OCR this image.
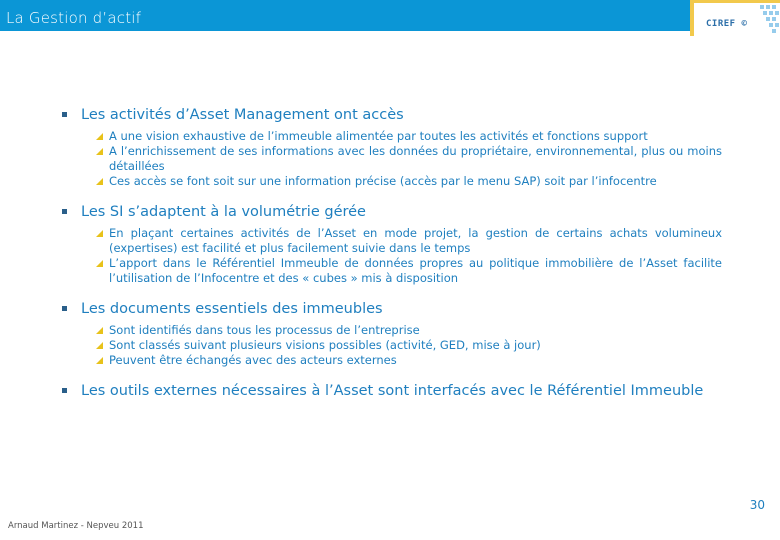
La Gestion d’actif	CIREF ©
Les activités d’Asset Management ont accès
A une vision exhaustive de l’immeuble alimentée par toutes les activités et fonctions support
A l’enrichissement de ses informations avec les données du propriétaire, environnemental, plus ou moins détaillées
Ces accès se font soit sur une information précise (accès par le menu SAP) soit par l’infocentre
Les SI s’adaptent à la volumétrie gérée
En plaçant certaines activités de l’Asset en mode projet, la gestion de certains achats volumineux (expertises) est facilité et plus facilement suivie dans le temps
L’apport dans le Référentiel Immeuble de données propres au politique immobilière de l’Asset facilite l’utilisation de l’Infocentre et des « cubes » mis à disposition
Les documents essentiels des immeubles
Sont identifiés dans tous les processus de l’entreprise
Sont classés suivant plusieurs visions possibles (activité, GED, mise à jour)
Peuvent être échangés avec des acteurs externes
Les outils externes nécessaires à l’Asset sont interfacés avec le Référentiel Immeuble
30
Arnaud Martinez - Nepveu 2011
